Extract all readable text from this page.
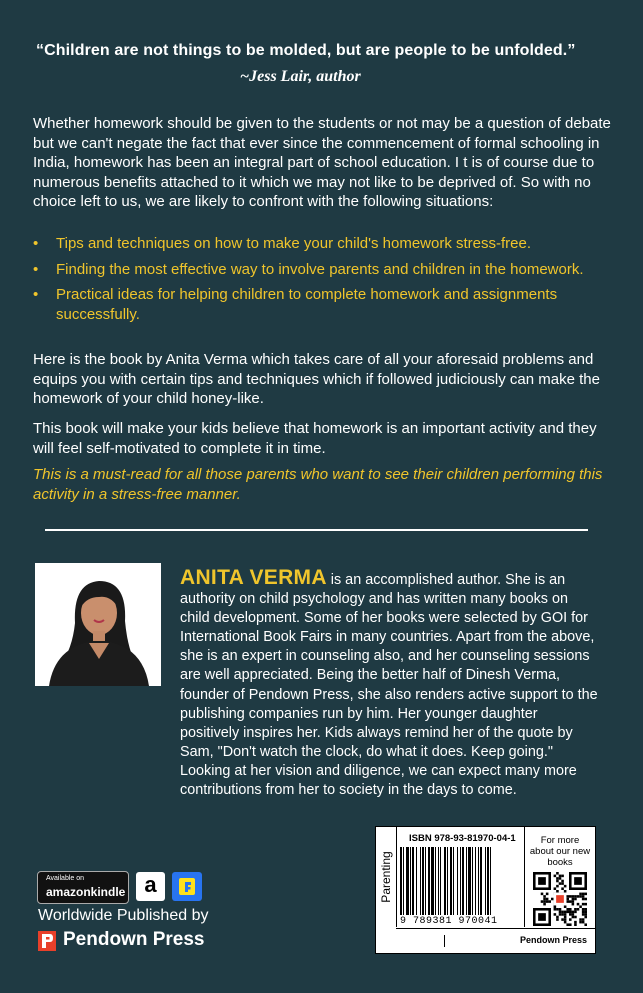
“Children are not things to be molded, but are people to be unfolded.”
~Jess Lair, author
Whether homework should be given to the students or not may be a question of debate but we can't negate the fact that ever since the commencement of formal schooling in India, homework has been an integral part of school education. I t is of course due to numerous benefits attached to it which we may not like to be deprived of. So with no choice left to us, we are likely to confront with the following situations:
• Tips and techniques on how to make your child's homework stress-free.
• Finding the most effective way to involve parents and children in the homework.
• Practical ideas for helping children to complete homework and assignments successfully.
Here is the book by Anita Verma which takes care of all your aforesaid problems and equips you with certain tips and techniques which if followed judiciously can make the homework of your child honey-like.
This book will make your kids believe that homework is an important activity and they will feel self-motivated to complete it in time.
This is a must-read for all those parents who want to see their children performing this activity in a stress-free manner.
ANITA VERMA is an accomplished author. She is an authority on child psychology and has written many books on child development. Some of her books were selected by GOI for International Book Fairs in many countries. Apart from the above, she is an expert in counseling also, and her counseling sessions are well appreciated. Being the better half of Dinesh Verma, founder of Pendown Press, she also renders active support to the publishing companies run by him. Her younger daughter positively inspires her. Kids always remind her of the quote by Sam, "Don't watch the clock, do what it does. Keep going." Looking at her vision and diligence, we can expect many more contributions from her to society in the days to come.
Parenting
ISBN 978-93-81970-04-1
9 789381 970041
For more about our new books
Pendown Press
Available on
amazonkindle a
Worldwide Published by
Pendown Press
